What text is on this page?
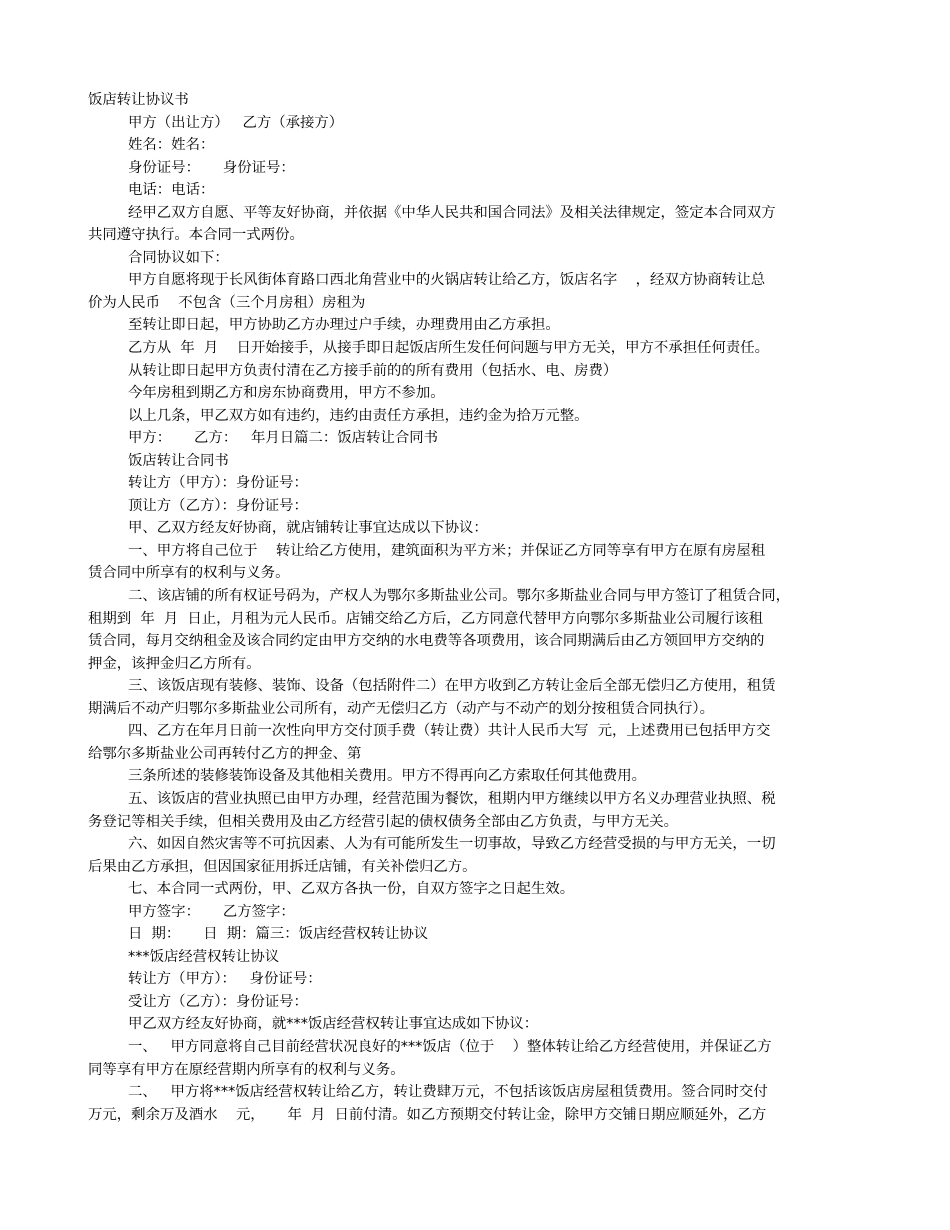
饭店转让协议书
甲方（出让方）   乙方（承接方）
姓名：姓名：
身份证号：     身份证号：
电话：电话：
经甲乙双方自愿、平等友好协商，并依据《中华人民共和国合同法》及相关法律规定，签定本合同双方
共同遵守执行。本合同一式两份。
合同协议如下：
甲方自愿将现于长风街体育路口西北角营业中的火锅店转让给乙方，饭店名字    ，经双方协商转让总
价为人民币    不包含（三个月房租）房租为
至转让即日起，甲方协助乙方办理过户手续，办理费用由乙方承担。
乙方从  年  月    日开始接手，从接手即日起饭店所生发任何问题与甲方无关，甲方不承担任何责任。
从转让即日起甲方负责付清在乙方接手前的的所有费用（包括水、电、房费）
今年房租到期乙方和房东协商费用，甲方不参加。
以上几条，甲乙双方如有违约，违约由责任方承担，违约金为拾万元整。
甲方：     乙方：   年月日篇二：饭店转让合同书
饭店转让合同书
转让方（甲方）：身份证号：
顶让方（乙方）：身份证号：
甲、乙双方经友好协商，就店铺转让事宜达成以下协议：
一、甲方将自己位于    转让给乙方使用，建筑面积为平方米；并保证乙方同等享有甲方在原有房屋租
赁合同中所享有的权利与义务。
二、该店铺的所有权证号码为，产权人为鄂尔多斯盐业公司。鄂尔多斯盐业合同与甲方签订了租赁合同，
租期到  年  月  日止，月租为元人民币。店铺交给乙方后，乙方同意代替甲方向鄂尔多斯盐业公司履行该租
赁合同，每月交纳租金及该合同约定由甲方交纳的水电费等各项费用，该合同期满后由乙方领回甲方交纳的
押金，该押金归乙方所有。
三、该饭店现有装修、装饰、设备（包括附件二）在甲方收到乙方转让金后全部无偿归乙方使用，租赁
期满后不动产归鄂尔多斯盐业公司所有，动产无偿归乙方（动产与不动产的划分按租赁合同执行）。
四、乙方在年月日前一次性向甲方交付顶手费（转让费）共计人民币大写  元，上述费用已包括甲方交
给鄂尔多斯盐业公司再转付乙方的押金、第
三条所述的装修装饰设备及其他相关费用。甲方不得再向乙方索取任何其他费用。
五、该饭店的营业执照已由甲方办理，经营范围为餐饮，租期内甲方继续以甲方名义办理营业执照、税
务登记等相关手续，但相关费用及由乙方经营引起的债权债务全部由乙方负责，与甲方无关。
六、如因自然灾害等不可抗因素、人为有可能所发生一切事故，导致乙方经营受损的与甲方无关，一切
后果由乙方承担，但因国家征用拆迁店铺，有关补偿归乙方。
七、本合同一式两份，甲、乙双方各执一份，自双方签字之日起生效。
甲方签字：     乙方签字：
日  期：     日  期：篇三：饭店经营权转让协议
***饭店经营权转让协议
转让方（甲方）：   身份证号：
受让方（乙方）：身份证号：
甲乙双方经友好协商，就***饭店经营权转让事宜达成如下协议：
一、   甲方同意将自己目前经营状况良好的***饭店（位于    ）整体转让给乙方经营使用，并保证乙方
同等享有甲方在原经营期内所享有的权利与义务。
二、   甲方将***饭店经营权转让给乙方，转让费肆万元，不包括该饭店房屋租赁费用。签合同时交付
万元，剩余万及酒水    元，     年  月  日前付清。如乙方预期交付转让金，除甲方交铺日期应顺延外，乙方
